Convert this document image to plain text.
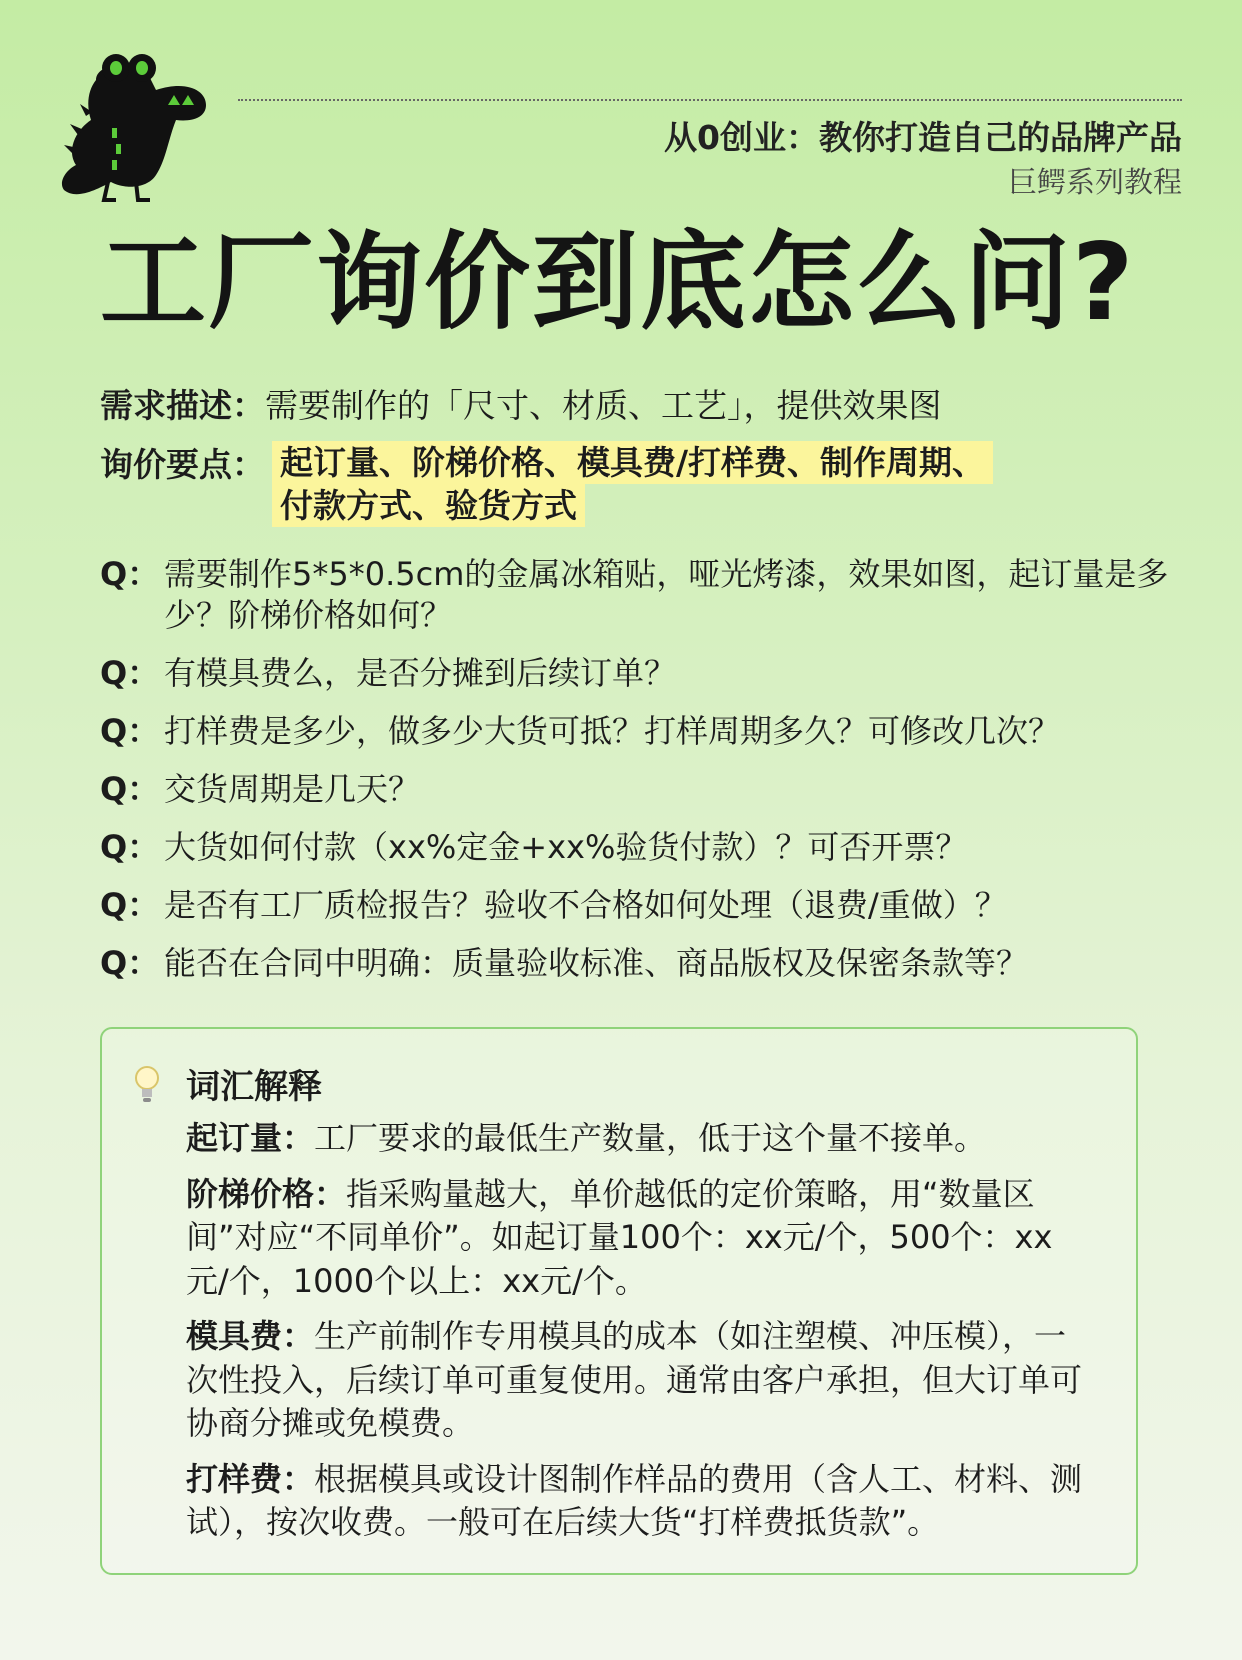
从0创业：教你打造自己的品牌产品
巨鳄系列教程
工厂询价到底怎么问?
需求描述：需要制作的「尺寸、材质、工艺」，提供效果图
询价要点： 起订量、阶梯价格、模具费/打样费、制作周期、
付款方式、验货方式
Q： 需要制作5*5*0.5cm的金属冰箱贴，哑光烤漆，效果如图，起订量是多少？阶梯价格如何？
Q： 有模具费么，是否分摊到后续订单？
Q： 打样费是多少，做多少大货可抵？打样周期多久？可修改几次？
Q： 交货周期是几天？
Q： 大货如何付款（xx%定金+xx%验货付款）？可否开票？
Q： 是否有工厂质检报告？验收不合格如何处理（退费/重做）？
Q： 能否在合同中明确：质量验收标准、商品版权及保密条款等？
词汇解释
起订量：工厂要求的最低生产数量，低于这个量不接单。
阶梯价格：指采购量越大，单价越低的定价策略，用“数量区间”对应“不同单价”。如起订量100个：xx元/个，500个：xx元/个，1000个以上：xx元/个。
模具费：生产前制作专用模具的成本（如注塑模、冲压模），一次性投入，后续订单可重复使用。通常由客户承担，但大订单可协商分摊或免模费。
打样费：根据模具或设计图制作样品的费用（含人工、材料、测试），按次收费。一般可在后续大货“打样费抵货款”。
